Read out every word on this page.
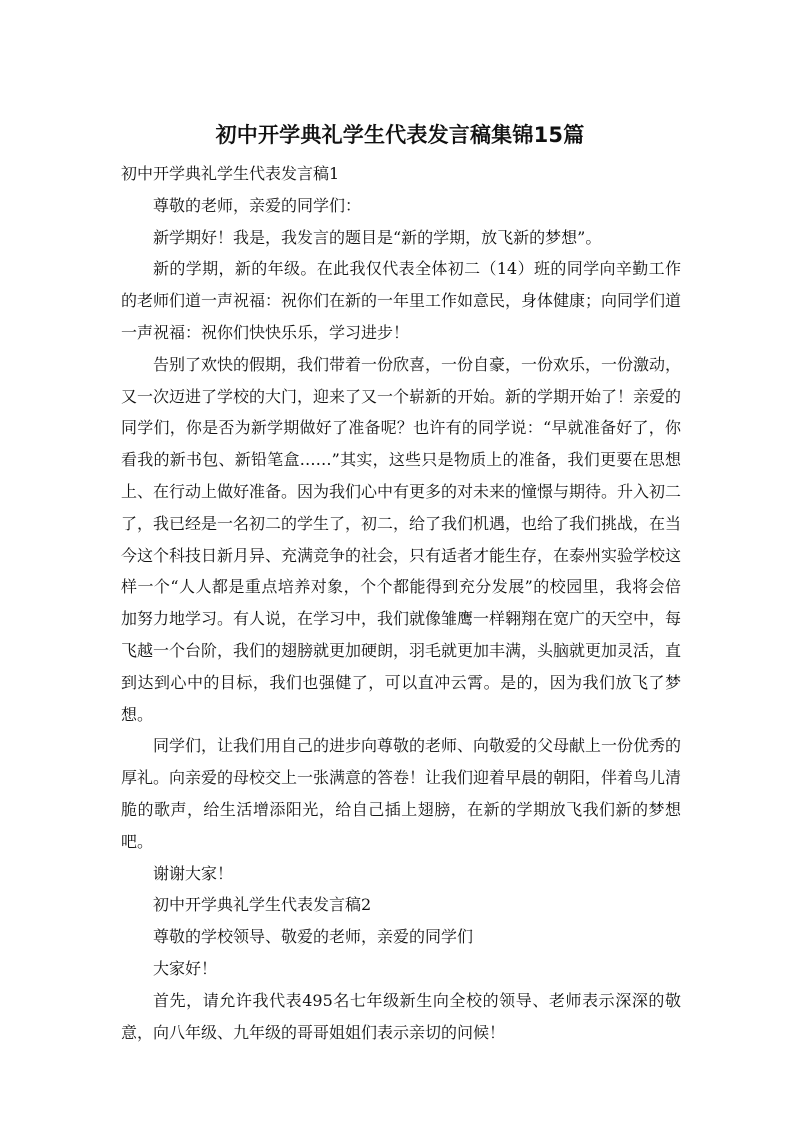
初中开学典礼学生代表发言稿集锦15篇

初中开学典礼学生代表发言稿1

尊敬的老师，亲爱的同学们：

新学期好！我是，我发言的题目是“新的学期，放飞新的梦想”。

新的学期，新的年级。在此我仅代表全体初二（14）班的同学向辛勤工作的老师们道一声祝福：祝你们在新的一年里工作如意民，身体健康；向同学们道一声祝福：祝你们快快乐乐，学习进步！

告别了欢快的假期，我们带着一份欣喜，一份自豪，一份欢乐，一份激动，又一次迈进了学校的大门，迎来了又一个崭新的开始。新的学期开始了！亲爱的同学们，你是否为新学期做好了准备呢？也许有的同学说：“早就准备好了，你看我的新书包、新铅笔盒……”其实，这些只是物质上的准备，我们更要在思想上、在行动上做好准备。因为我们心中有更多的对未来的憧憬与期待。升入初二了，我已经是一名初二的学生了，初二，给了我们机遇，也给了我们挑战，在当今这个科技日新月异、充满竞争的社会，只有适者才能生存，在泰州实验学校这样一个“人人都是重点培养对象，个个都能得到充分发展”的校园里，我将会倍加努力地学习。有人说，在学习中，我们就像雏鹰一样翱翔在宽广的天空中，每飞越一个台阶，我们的翅膀就更加硬朗，羽毛就更加丰满，头脑就更加灵活，直到达到心中的目标，我们也强健了，可以直冲云霄。是的，因为我们放飞了梦想。

同学们，让我们用自己的进步向尊敬的老师、向敬爱的父母献上一份优秀的厚礼。向亲爱的母校交上一张满意的答卷！让我们迎着早晨的朝阳，伴着鸟儿清脆的歌声，给生活增添阳光，给自己插上翅膀，在新的学期放飞我们新的梦想吧。

谢谢大家！

初中开学典礼学生代表发言稿2

尊敬的学校领导、敬爱的老师，亲爱的同学们

大家好！

首先，请允许我代表495名七年级新生向全校的领导、老师表示深深的敬意，向八年级、九年级的哥哥姐姐们表示亲切的问候！
